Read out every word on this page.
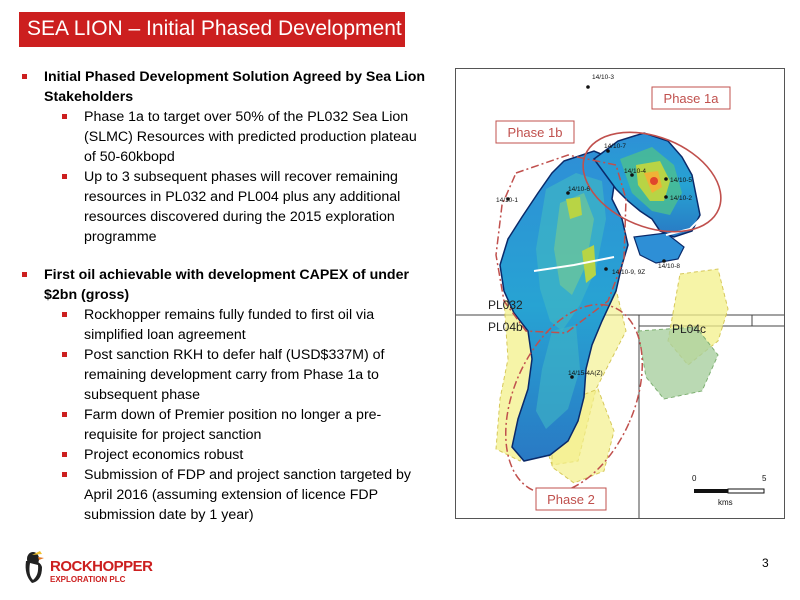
SEA LION – Initial Phased Development
Initial Phased Development Solution Agreed by Sea Lion
Stakeholders
Phase 1a to target over 50% of the PL032 Sea Lion
(SLMC) Resources with predicted production plateau
of 50-60kbopd
Up to 3 subsequent phases will recover remaining
resources in PL032 and PL004 plus any additional
resources discovered during the 2015 exploration
programme
First oil achievable with development CAPEX of under
$2bn (gross)
Rockhopper remains fully funded to first oil via
simplified loan agreement
Post sanction RKH to defer half (USD$337M) of
remaining development carry from Phase 1a to
subsequent phase
Farm down of Premier position no longer a pre-
requisite for project sanction
Project economics robust
Submission of FDP and project sanction targeted by
April 2016 (assuming extension of licence FDP
submission date by 1 year)
Phase 1a
Phase 1b
Phase 2
PL032
PL04b	PL04c
14/10-3
14/10-7
14/10-4
14/10-5
14/10-2
14/10-6
14/10-1
14/10-9, 9Z
14/10-8
14/15-4A(Z)
0	5
kms
ROCKHOPPER
EXPLORATION PLC
3
